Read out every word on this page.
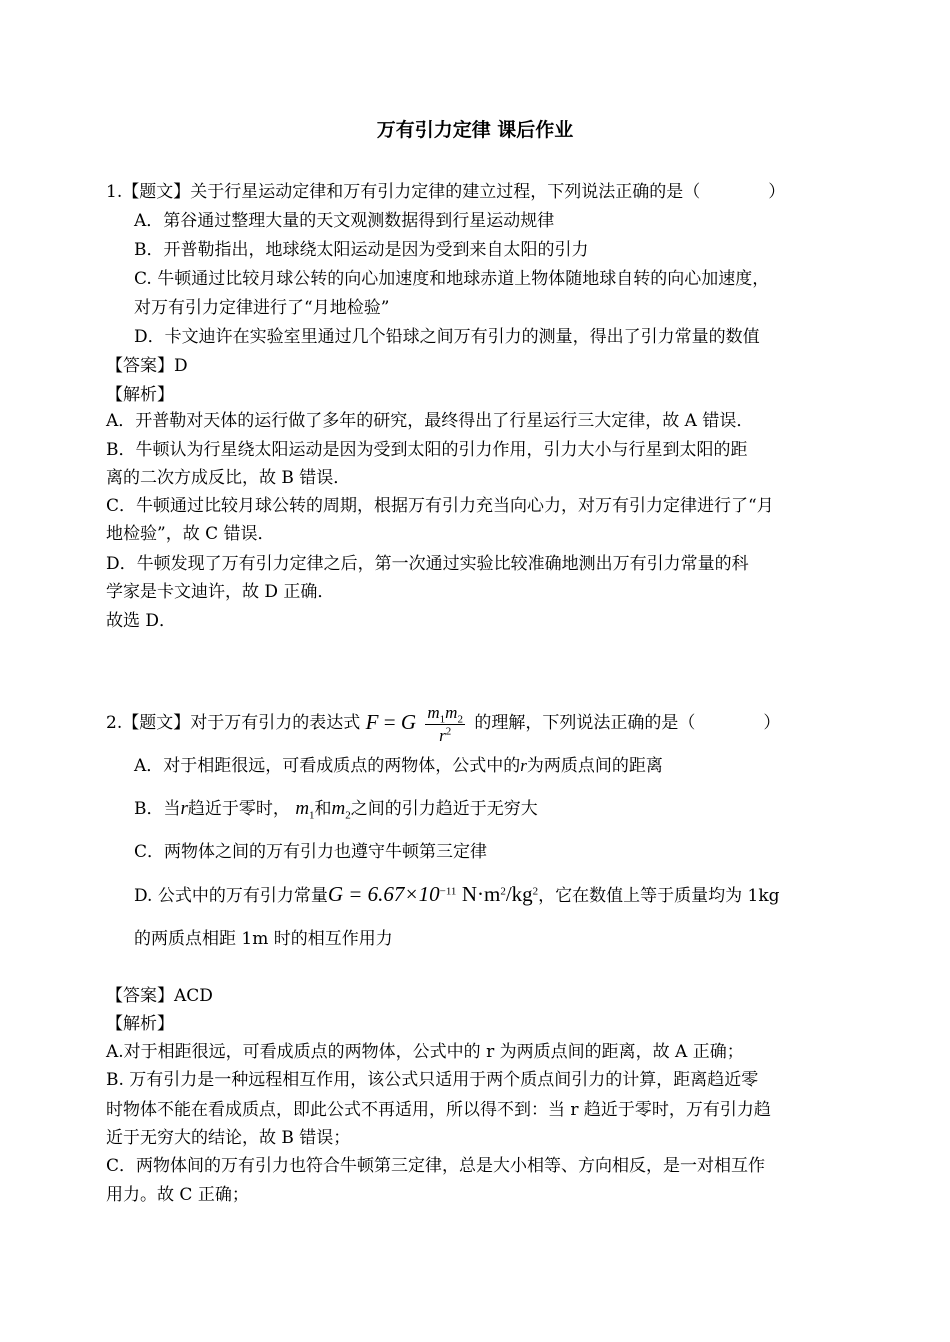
万有引力定律 课后作业
1.【题文】关于行星运动定律和万有引力定律的建立过程，下列说法正确的是（　　　　）
A．第谷通过整理大量的天文观测数据得到行星运动规律
B．开普勒指出，地球绕太阳运动是因为受到来自太阳的引力
C. 牛顿通过比较月球公转的向心加速度和地球赤道上物体随地球自转的向心加速度，
对万有引力定律进行了“月地检验”
D．卡文迪许在实验室里通过几个铅球之间万有引力的测量，得出了引力常量的数值
【答案】D
【解析】
A．开普勒对天体的运行做了多年的研究，最终得出了行星运行三大定律，故 A 错误．
B．牛顿认为行星绕太阳运动是因为受到太阳的引力作用，引力大小与行星到太阳的距
离的二次方成反比，故 B 错误．
C．牛顿通过比较月球公转的周期，根据万有引力充当向心力，对万有引力定律进行了“月
地检验”，故 C 错误．
D．牛顿发现了万有引力定律之后，第一次通过实验比较准确地测出万有引力常量的科
学家是卡文迪许，故 D 正确．
故选 D．
2.【题文】对于万有引力的表达式 F = G $\frac{m_1m_2}{r^2}$ 的理解，下列说法正确的是（　　　　）
A．对于相距很远，可看成质点的两物体，公式中的r为两质点间的距离
B．当r趋近于零时， $m_1$和$m_2$之间的引力趋近于无穷大
C．两物体之间的万有引力也遵守牛顿第三定律
D. 公式中的万有引力常量$G = 6.67\times 10^{-11}$ $N\cdot m^2/kg^2$，它在数值上等于质量均为 1kg
的两质点相距 1m 时的相互作用力
【答案】ACD
【解析】
A.对于相距很远，可看成质点的两物体，公式中的 r 为两质点间的距离，故 A 正确；
B. 万有引力是一种远程相互作用，该公式只适用于两个质点间引力的计算，距离趋近零
时物体不能在看成质点，即此公式不再适用，所以得不到：当 r 趋近于零时，万有引力趋
近于无穷大的结论，故 B 错误；
C．两物体间的万有引力也符合牛顿第三定律，总是大小相等、方向相反，是一对相互作
用力。故 C 正确；
